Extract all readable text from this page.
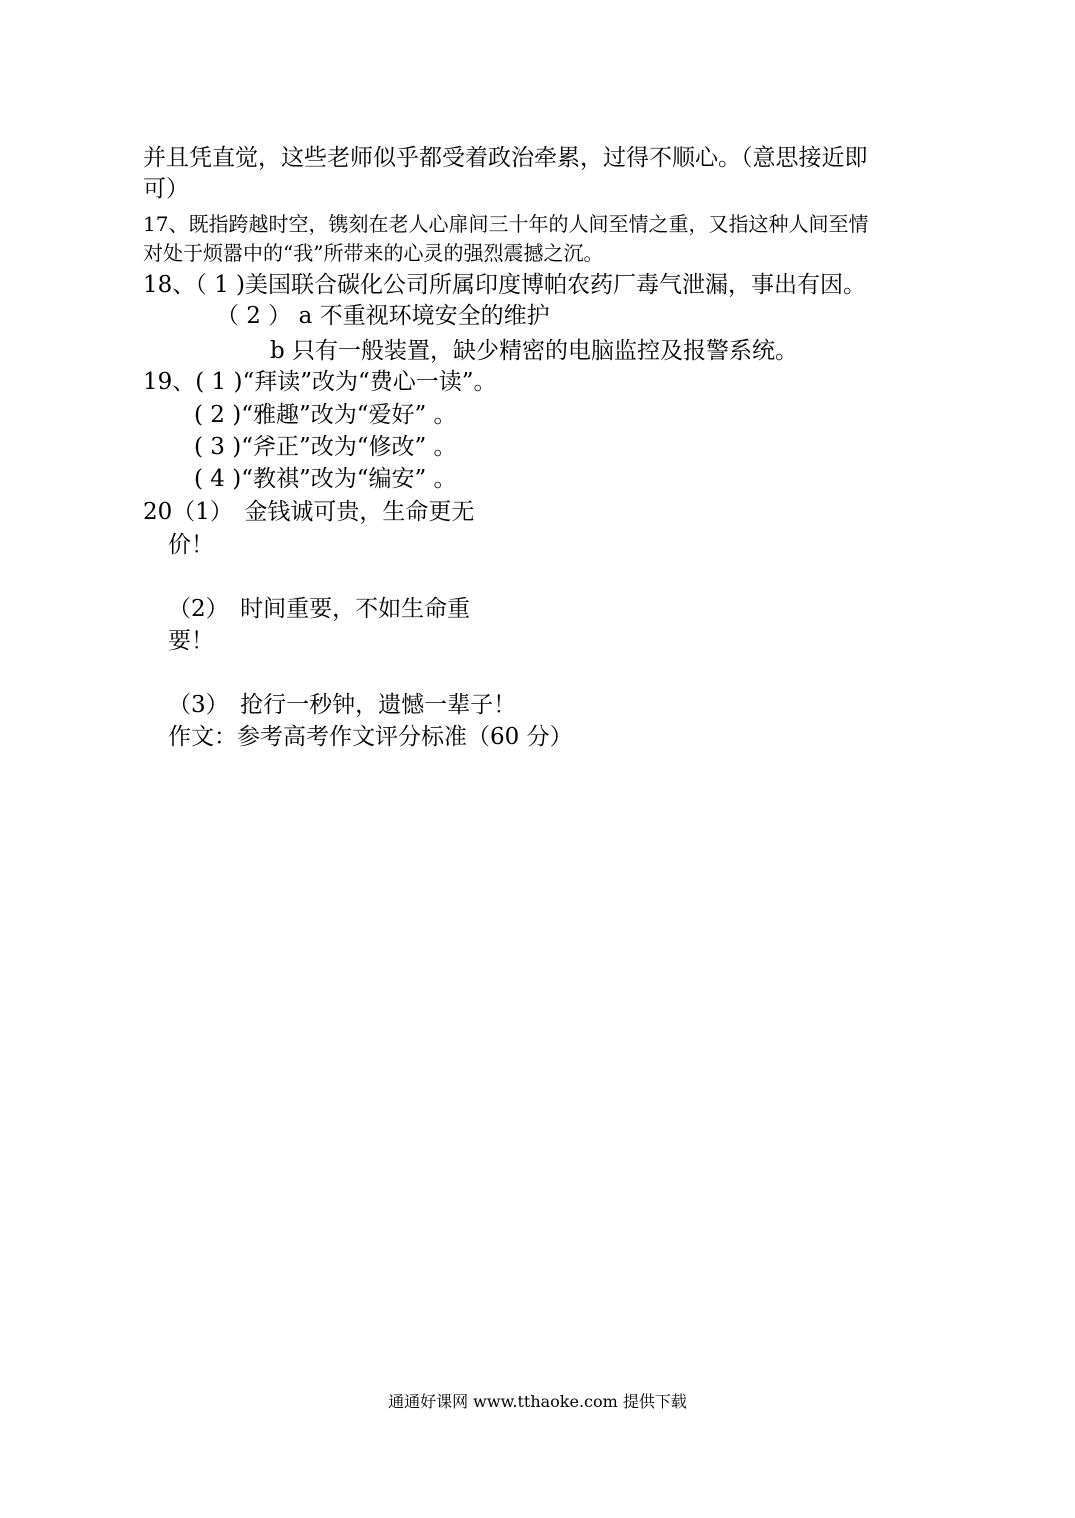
并且凭直觉，这些老师似乎都受着政治牵累，过得不顺心。（意思接近即
可）
17、既指跨越时空，镌刻在老人心扉间三十年的人间至情之重，又指这种人间至情
对处于烦嚣中的“我”所带来的心灵的强烈震撼之沉。
18、（ 1 )美国联合碳化公司所属印度博帕农药厂毒气泄漏，事出有因。
（ 2 ） a 不重视环境安全的维护
b 只有一般装置，缺少精密的电脑监控及报警系统。
19、( 1 )“拜读”改为“费心一读”。
( 2 )“雅趣”改为“爱好” 。
( 3 )“斧正”改为“修改” 。
( 4 )“教祺”改为“编安” 。
20（1）　金钱诚可贵，生命更无
价！
（2）　时间重要，不如生命重
要！
（3）　抢行一秒钟，遗憾一辈子！
作文：参考高考作文评分标准（60 分）
通通好课网 www.tthaoke.com 提供下载
